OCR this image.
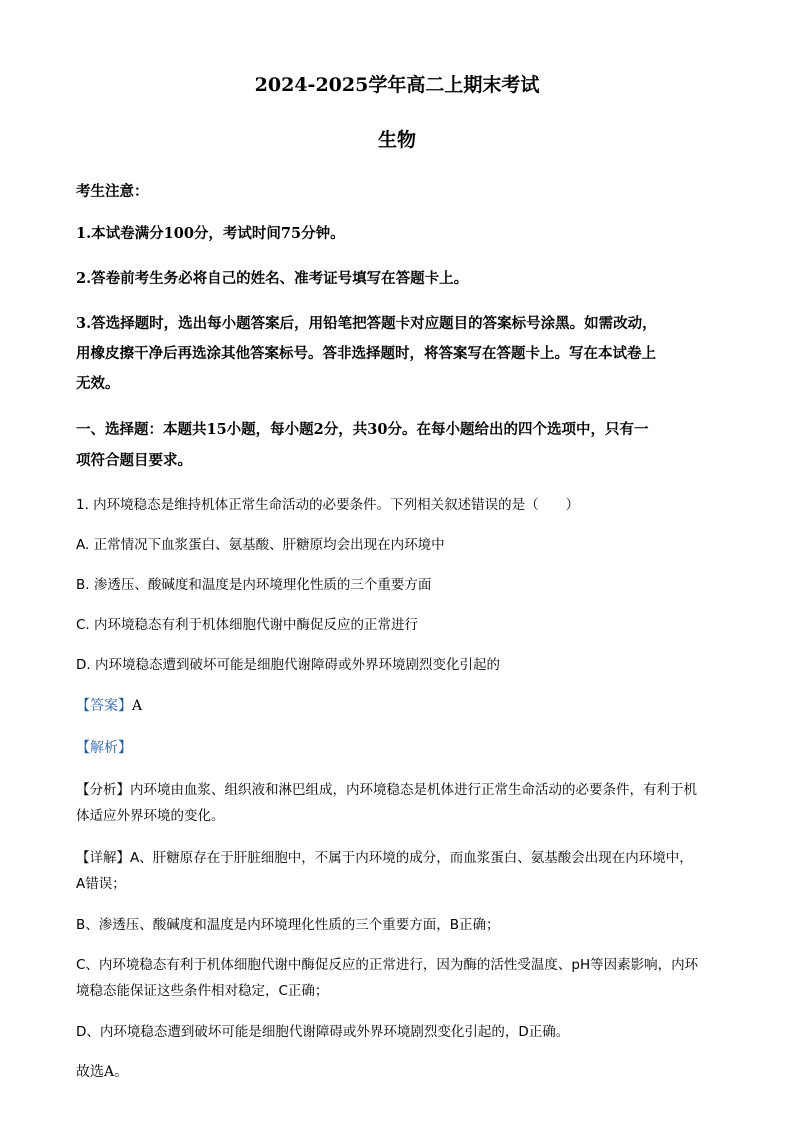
2024-2025学年高二上期末考试
生物
考生注意：
1.本试卷满分100分，考试时间75分钟。
2.答卷前考生务必将自己的姓名、准考证号填写在答题卡上。
3.答选择题时，选出每小题答案后，用铅笔把答题卡对应题目的答案标号涂黑。如需改动，
用橡皮擦干净后再选涂其他答案标号。答非选择题时，将答案写在答题卡上。写在本试卷上
无效。
一、选择题：本题共15小题，每小题2分，共30分。在每小题给出的四个选项中，只有一
项符合题目要求。
1. 内环境稳态是维持机体正常生命活动的必要条件。下列相关叙述错误的是（　　）
A. 正常情况下血浆蛋白、氨基酸、肝糖原均会出现在内环境中
B. 渗透压、酸碱度和温度是内环境理化性质的三个重要方面
C. 内环境稳态有利于机体细胞代谢中酶促反应的正常进行
D. 内环境稳态遭到破坏可能是细胞代谢障碍或外界环境剧烈变化引起的
【答案】A
【解析】
【分析】内环境由血浆、组织液和淋巴组成，内环境稳态是机体进行正常生命活动的必要条件，有利于机
体适应外界环境的变化。
【详解】A、肝糖原存在于肝脏细胞中，不属于内环境的成分，而血浆蛋白、氨基酸会出现在内环境中，
A错误；
B、渗透压、酸碱度和温度是内环境理化性质的三个重要方面，B正确；
C、内环境稳态有利于机体细胞代谢中酶促反应的正常进行，因为酶的活性受温度、pH等因素影响，内环
境稳态能保证这些条件相对稳定，C正确；
D、内环境稳态遭到破坏可能是细胞代谢障碍或外界环境剧烈变化引起的，D正确。
故选A。
